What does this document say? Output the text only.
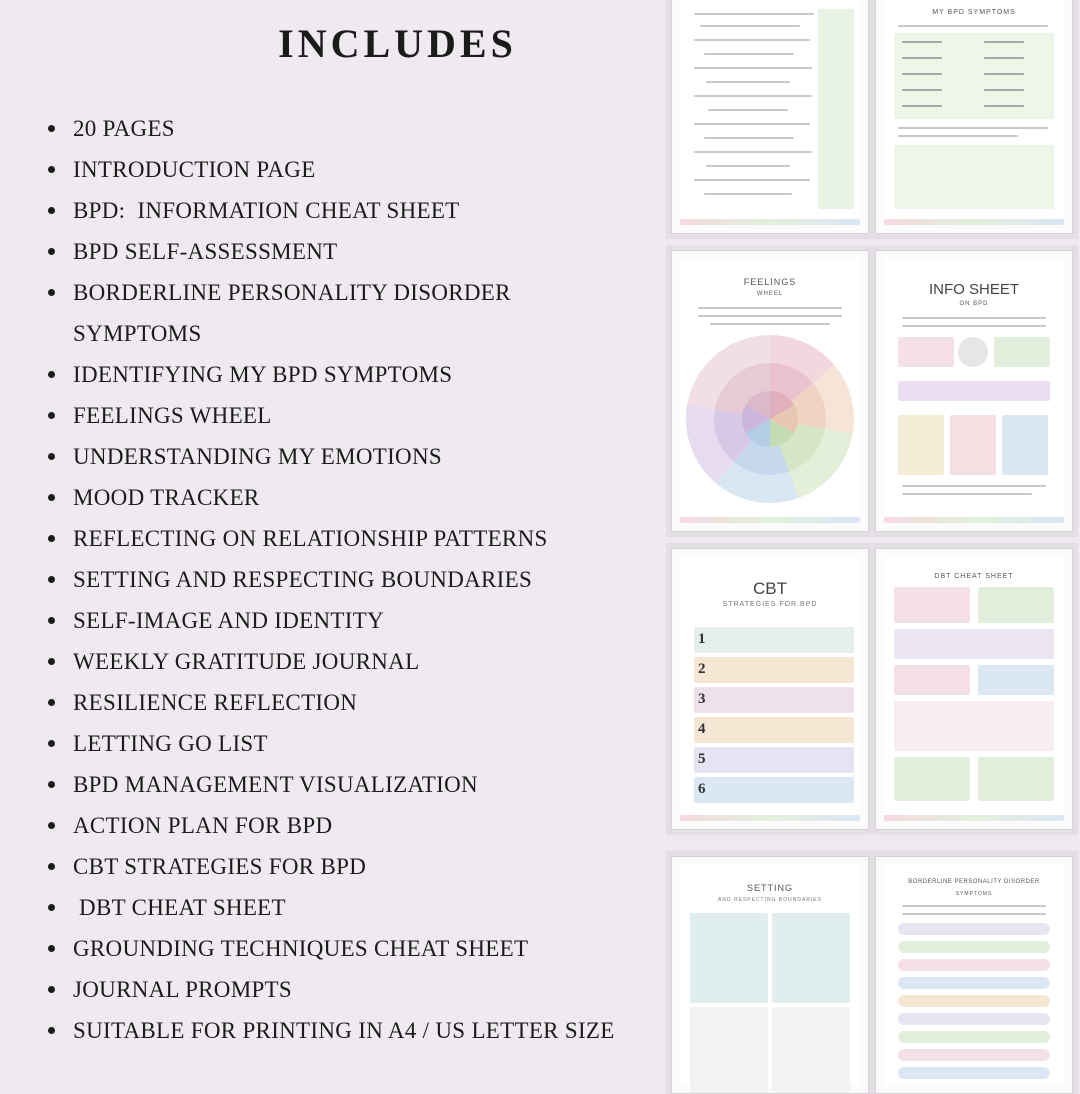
INCLUDES
20 PAGES
INTRODUCTION PAGE
BPD:  INFORMATION CHEAT SHEET
BPD SELF-ASSESSMENT
BORDERLINE PERSONALITY DISORDER SYMPTOMS
IDENTIFYING MY BPD SYMPTOMS
FEELINGS WHEEL
UNDERSTANDING MY EMOTIONS
MOOD TRACKER
REFLECTING ON RELATIONSHIP PATTERNS
SETTING AND RESPECTING BOUNDARIES
SELF-IMAGE AND IDENTITY
WEEKLY GRATITUDE JOURNAL
RESILIENCE REFLECTION
LETTING GO LIST
BPD MANAGEMENT VISUALIZATION
ACTION PLAN FOR BPD
CBT STRATEGIES FOR BPD
DBT CHEAT SHEET
GROUNDING TECHNIQUES CHEAT SHEET
JOURNAL PROMPTS
SUITABLE FOR PRINTING IN A4 / US LETTER SIZE
MY BPD SYMPTOMS
FEELINGS
WHEEL	INFO SHEET
ON BPD
CBT
STRATEGIES FOR BPD
1
2
3
4
5
6
DBT CHEAT SHEET
SETTING
AND RESPECTING BOUNDARIES
BORDERLINE PERSONALITY DISORDER
SYMPTOMS
